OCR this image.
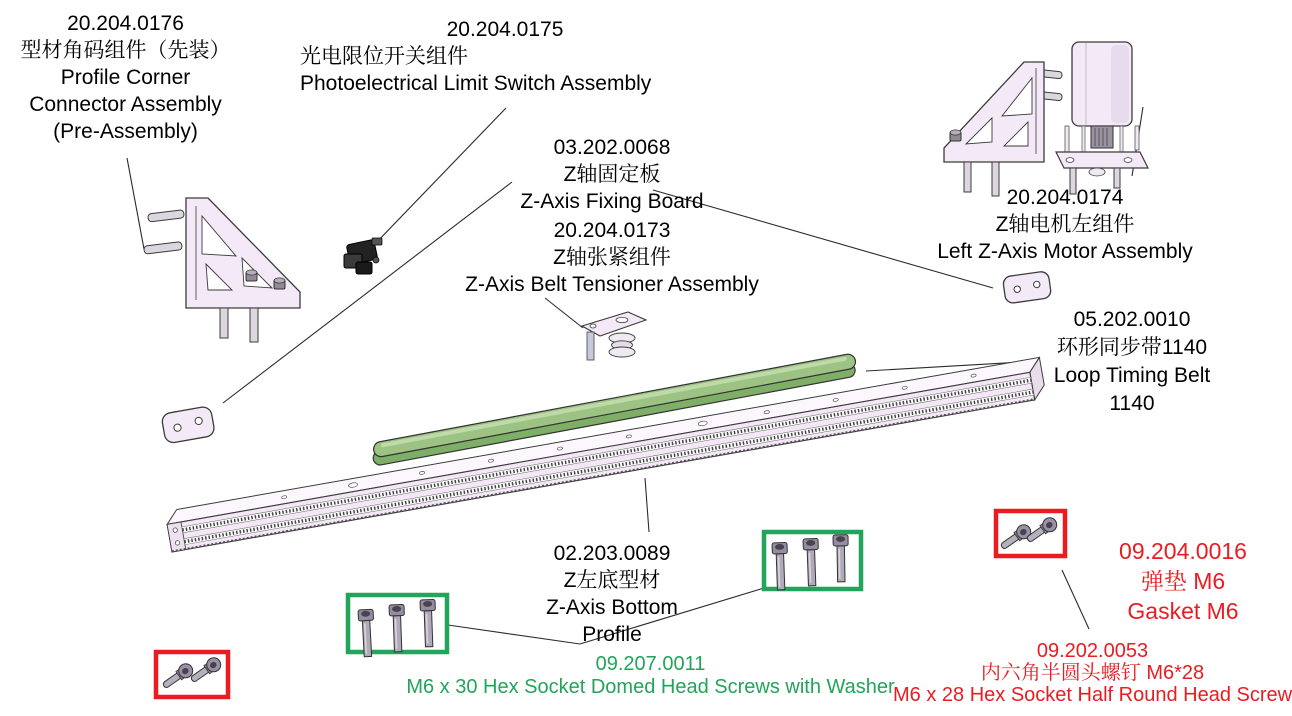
20.204.0176
型材角码组件（先装）
Profile Corner
Connector Assembly
(Pre-Assembly)
20.204.0175
光电限位开关组件
Photoelectrical Limit Switch Assembly
03.202.0068
Z轴固定板
Z-Axis Fixing Board
20.204.0173
Z轴张紧组件
Z-Axis Belt Tensioner Assembly
20.204.0174
Z轴电机左组件
Left Z-Axis Motor Assembly
05.202.0010
环形同步带1140
Loop Timing Belt
1140
02.203.0089
Z左底型材
Z-Axis Bottom
Profile
09.207.0011
M6 x 30 Hex Socket Domed Head Screws with Washer
09.204.0016
弹垫 M6
Gasket M6
09.202.0053
内六角半圆头螺钉 M6*28
M6 x 28 Hex Socket Half Round Head Screw
